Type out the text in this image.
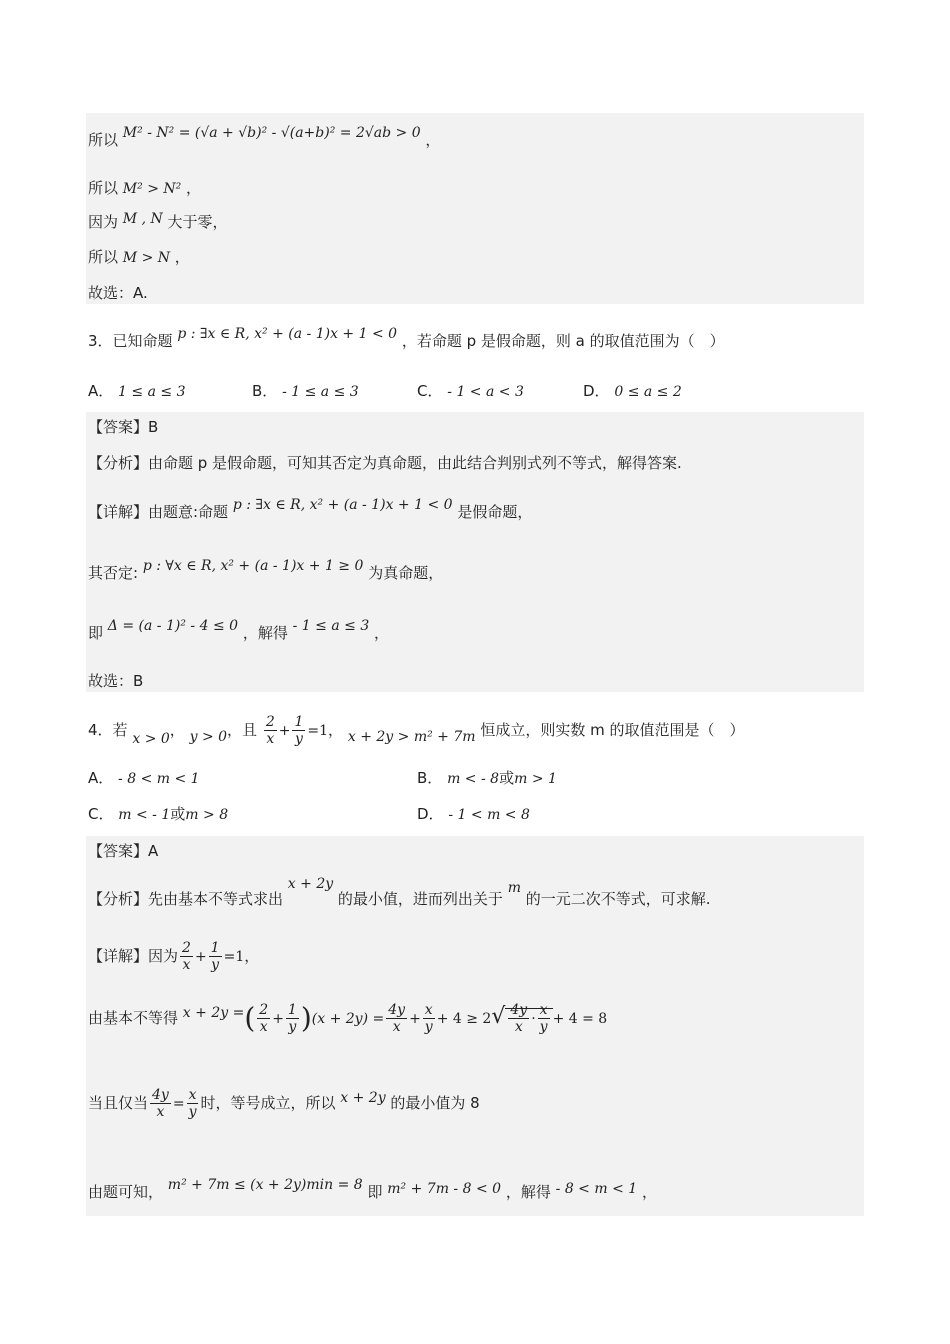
所以 M² - N² = (√a + √b)² - √(a+b)² = 2√ab > 0 ，
所以 M² > N² ，
因为 M , N 大于零，
所以 M > N ，
故选：A.
3．已知命题 p : ∃x ∈ R, x² + (a - 1)x + 1 < 0 ，若命题 p 是假命题，则 a 的取值范围为（　）
A． 1 ≤ a ≤ 3	B． - 1 ≤ a ≤ 3	C． - 1 < a < 3	D． 0 ≤ a ≤ 2
【答案】B
【分析】由命题 p 是假命题，可知其否定为真命题，由此结合判别式列不等式，解得答案.
【详解】由题意:命题 p : ∃x ∈ R, x² + (a - 1)x + 1 < 0 是假命题，
其否定: p : ∀x ∈ R, x² + (a - 1)x + 1 ≥ 0 为真命题，
即 Δ = (a - 1)² - 4 ≤ 0 ，解得 - 1 ≤ a ≤ 3 ，
故选：B
4．若 x > 0， y > 0，且 $\frac{2}{x} + \frac{1}{y} =1$， x + 2y > m² + 7m 恒成立，则实数 m 的取值范围是（　）
A． - 8 < m < 1	B． m < - 8或m > 1
C． m < - 1或m > 8	D． - 1 < m < 8
【答案】A
【分析】先由基本不等式求出 x + 2y 的最小值，进而列出关于 m 的一元二次不等式，可求解.
【详解】因为 $\frac{2}{x} + \frac{1}{y} =1$，
由基本不等得 x + 2y =( $\frac{2}{x} + \frac{1}{y} )(x + 2y) = \frac{4y}{x} + \frac{x}{y} + 4 \ge 2√ \frac{4y}{x} \cdot \frac{x}{y} + 4 = 8$
当且仅当 $\frac{4y}{x} = \frac{x}{y}$ 时，等号成立，所以 x + 2y 的最小值为 8
由题可知， m² + 7m ≤ (x + 2y)min = 8 即 m² + 7m - 8 < 0 ，解得 - 8 < m < 1 ，
